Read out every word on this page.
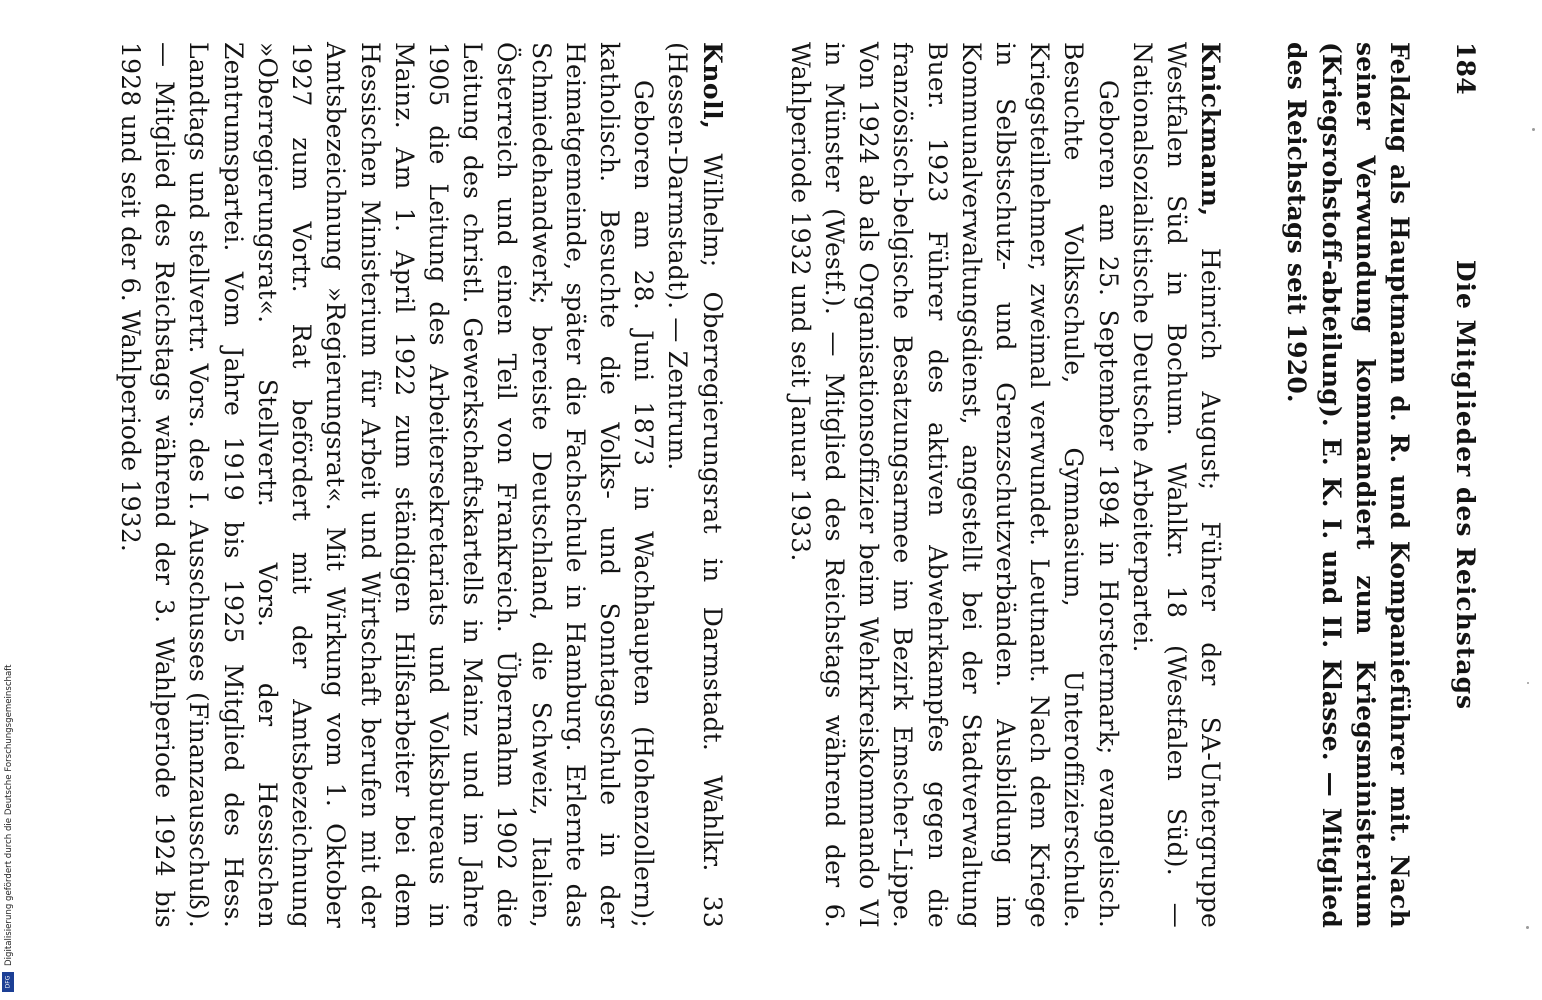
184
Die Mitglieder des Reichstags

Feldzug als Hauptmann d. R. und Kompanieführer mit. Nach seiner Verwundung kommandiert zum Kriegsministerium (Kriegsrohstoff-abteilung). E. K. I. und II. Klasse. — Mitglied des Reichstags seit 1920.

Knickmann, Heinrich August; Führer der SA-Untergruppe Westfalen Süd in Bochum. Wahlkr. 18 (Westfalen Süd). — Nationalsozialistische Deutsche Arbeiterpartei.

Geboren am 25. September 1894 in Horstermark; evangelisch. Besuchte Volksschule, Gymnasium, Unteroffizierschule. Kriegsteilnehmer, zweimal verwundet. Leutnant. Nach dem Kriege in Selbstschutz- und Grenzschutzverbänden. Ausbildung im Kommunalverwaltungsdienst, angestellt bei der Stadtverwaltung Buer. 1923 Führer des aktiven Abwehrkampfes gegen die französisch-belgische Besatzungsarmee im Bezirk Emscher-Lippe. Von 1924 ab als Organisationsoffizier beim Wehrkreiskommando VI in Münster (Westf.). — Mitglied des Reichstags während der 6. Wahlperiode 1932 und seit Januar 1933.

Knoll, Wilhelm; Oberregierungsrat in Darmstadt. Wahlkr. 33 (Hessen-Darmstadt). — Zentrum.

Geboren am 28. Juni 1873 in Wachhaupten (Hohenzollern); katholisch. Besuchte die Volks- und Sonntagsschule in der Heimatgemeinde, später die Fachschule in Hamburg. Erlernte das Schmiedehandwerk; bereiste Deutschland, die Schweiz, Italien, Österreich und einen Teil von Frankreich. Übernahm 1902 die Leitung des christl. Gewerkschaftskartells in Mainz und im Jahre 1905 die Leitung des Arbeitersekretariats und Volksbureaus in Mainz. Am 1. April 1922 zum ständigen Hilfsarbeiter bei dem Hessischen Ministerium für Arbeit und Wirtschaft berufen mit der Amtsbezeichnung »Regierungsrat«. Mit Wirkung vom 1. Oktober 1927 zum Vortr. Rat befördert mit der Amtsbezeichnung »Oberregierungsrat«. Stellvertr. Vors. der Hessischen Zentrumspartei. Vom Jahre 1919 bis 1925 Mitglied des Hess. Landtags und stellvertr. Vors. des I. Ausschusses (Finanzausschuß). — Mitglied des Reichstags während der 3. Wahlperiode 1924 bis 1928 und seit der 6. Wahlperiode 1932.

Digitalisierung gefördert durch die Deutsche Forschungsgemeinschaft
DFG
